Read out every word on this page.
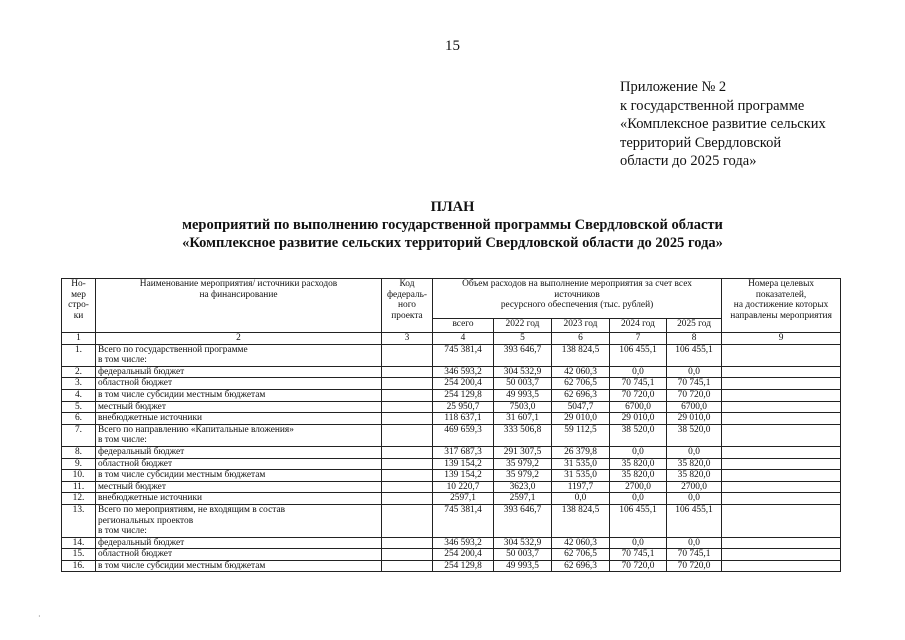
15
Приложение № 2
к государственной программе
«Комплексное развитие сельских
территорий Свердловской
области до 2025 года»
ПЛАН
мероприятий по выполнению государственной программы Свердловской области
«Комплексное развитие сельских территорий Свердловской области до 2025 года»
Но-
мер
стро-
ки	Наименование мероприятия/ источники расходов
на финансирование	Код
федераль-
ного
проекта	Объем расходов на выполнение мероприятия за счет всех
источников
ресурсного обеспечения (тыс. рублей)					Номера целевых
показателей,
на достижение которых
направлены мероприятия
			всего	2022 год	2023 год	2024 год	2025 год	
1	2	3	4	5	6	7	8	9
1.	Всего по государственной программе
в том числе:		745 381,4	393 646,7	138 824,5	106 455,1	106 455,1	
2.	федеральный бюджет		346 593,2	304 532,9	42 060,3	0,0	0,0	
3.	областной бюджет		254 200,4	50 003,7	62 706,5	70 745,1	70 745,1	
4.	в том числе субсидии местным бюджетам		254 129,8	49 993,5	62 696,3	70 720,0	70 720,0	
5.	местный бюджет		25 950,7	7503,0	5047,7	6700,0	6700,0	
6.	внебюджетные источники		118 637,1	31 607,1	29 010,0	29 010,0	29 010,0	
7.	Всего по направлению «Капитальные вложения»
в том числе:		469 659,3	333 506,8	59 112,5	38 520,0	38 520,0	
8.	федеральный бюджет		317 687,3	291 307,5	26 379,8	0,0	0,0	
9.	областной бюджет		139 154,2	35 979,2	31 535,0	35 820,0	35 820,0	
10.	в том числе субсидии местным бюджетам		139 154,2	35 979,2	31 535,0	35 820,0	35 820,0	
11.	местный бюджет		10 220,7	3623,0	1197,7	2700,0	2700,0	
12.	внебюджетные источники		2597,1	2597,1	0,0	0,0	0,0	
13.	Всего по мероприятиям, не входящим в состав
региональных проектов
в том числе:		745 381,4	393 646,7	138 824,5	106 455,1	106 455,1	
14.	федеральный бюджет		346 593,2	304 532,9	42 060,3	0,0	0,0	
15.	областной бюджет		254 200,4	50 003,7	62 706,5	70 745,1	70 745,1	
16.	в том числе субсидии местным бюджетам		254 129,8	49 993,5	62 696,3	70 720,0	70 720,0	
·
